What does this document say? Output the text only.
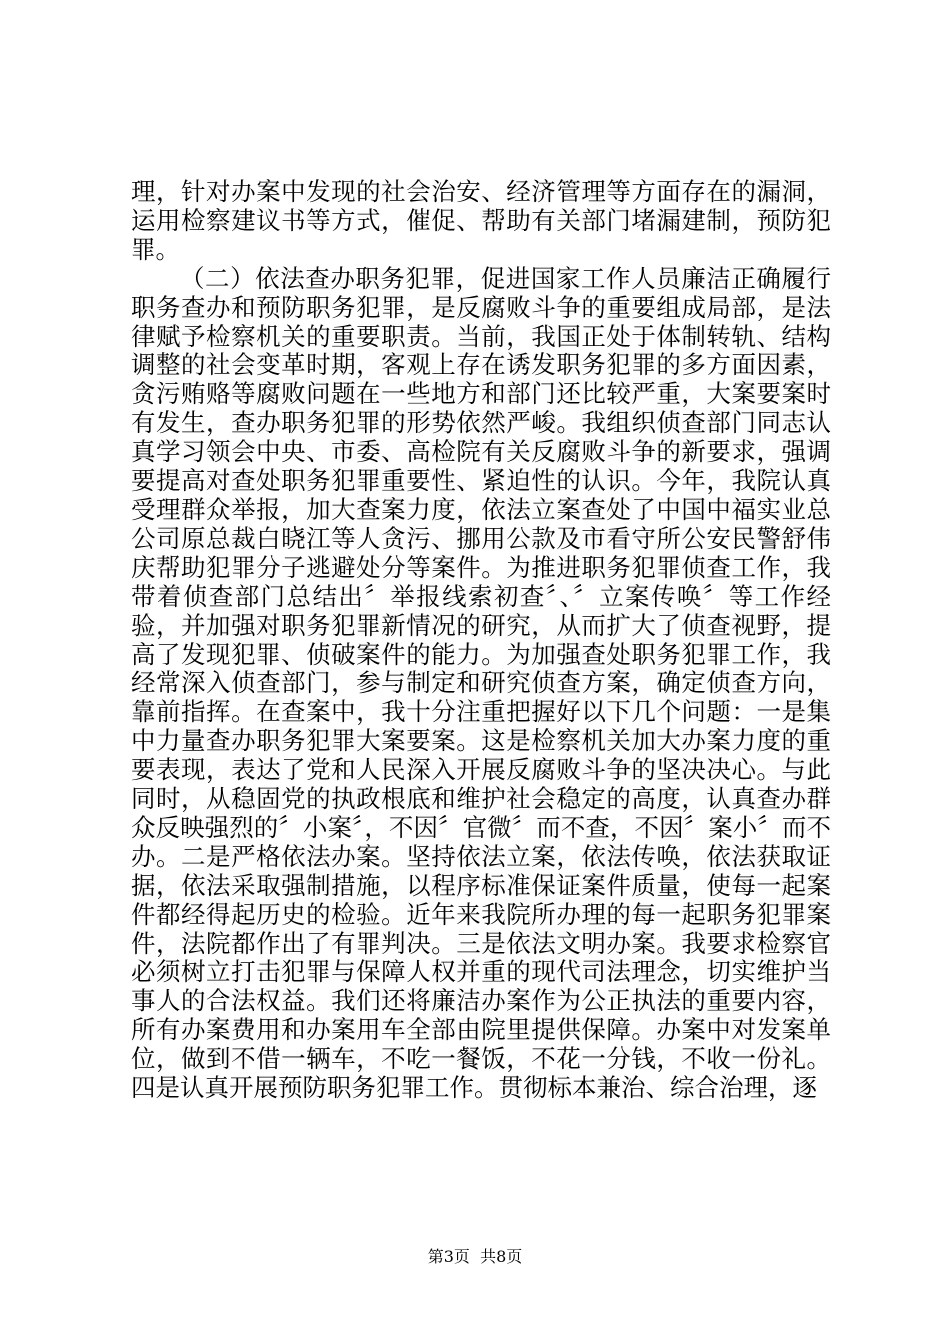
理，针对办案中发现的社会治安、经济管理等方面存在的漏洞，运用检察建议书等方式，催促、帮助有关部门堵漏建制，预防犯罪。

（二）依法查办职务犯罪，促进国家工作人员廉洁正确履行职务查办和预防职务犯罪，是反腐败斗争的重要组成局部，是法律赋予检察机关的重要职责。当前，我国正处于体制转轨、结构调整的社会变革时期，客观上存在诱发职务犯罪的多方面因素，贪污贿赂等腐败问题在一些地方和部门还比较严重，大案要案时有发生，查办职务犯罪的形势依然严峻。我组织侦查部门同志认真学习领会中央、市委、高检院有关反腐败斗争的新要求，强调要提高对查处职务犯罪重要性、紧迫性的认识。今年，我院认真受理群众举报，加大查案力度，依法立案查处了中国中福实业总公司原总裁白晓江等人贪污、挪用公款及市看守所公安民警舒伟庆帮助犯罪分子逃避处分等案件。为推进职务犯罪侦查工作，我带着侦查部门总结出〞举报线索初查〞、〞立案传唤〞等工作经验，并加强对职务犯罪新情况的研究，从而扩大了侦查视野，提高了发现犯罪、侦破案件的能力。为加强查处职务犯罪工作，我经常深入侦查部门，参与制定和研究侦查方案，确定侦查方向，靠前指挥。在查案中，我十分注重把握好以下几个问题：一是集中力量查办职务犯罪大案要案。这是检察机关加大办案力度的重要表现，表达了党和人民深入开展反腐败斗争的坚决决心。与此同时，从稳固党的执政根底和维护社会稳定的高度，认真查办群众反映强烈的〞小案〞，不因〞官微〞而不查，不因〞案小〞而不办。二是严格依法办案。坚持依法立案，依法传唤，依法获取证据，依法采取强制措施，以程序标准保证案件质量，使每一起案件都经得起历史的检验。近年来我院所办理的每一起职务犯罪案件，法院都作出了有罪判决。三是依法文明办案。我要求检察官必须树立打击犯罪与保障人权并重的现代司法理念，切实维护当事人的合法权益。我们还将廉洁办案作为公正执法的重要内容，所有办案费用和办案用车全部由院里提供保障。办案中对发案单位，做到不借一辆车，不吃一餐饭，不花一分钱，不收一份礼。四是认真开展预防职务犯罪工作。贯彻标本兼治、综合治理，逐

第3页  共8页
